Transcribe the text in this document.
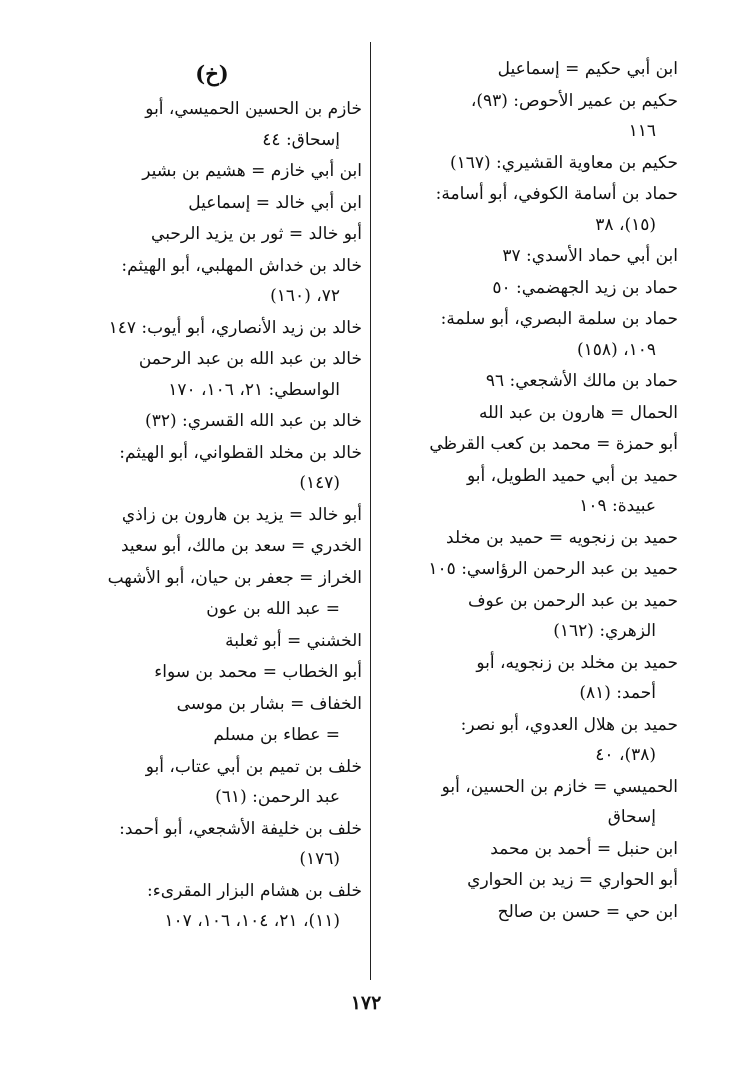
ابن أبي حكيم = إسماعيل
حكيم بن عمير الأحوص: (٩٣)،
١١٦
حكيم بن معاوية القشيري: (١٦٧)
حماد بن أسامة الكوفي، أبو أسامة:
(١٥)، ٣٨
ابن أبي حماد الأسدي: ٣٧
حماد بن زيد الجهضمي: ٥٠
حماد بن سلمة البصري، أبو سلمة:
١٠٩، (١٥٨)
حماد بن مالك الأشجعي: ٩٦
الحمال = هارون بن عبد الله
أبو حمزة = محمد بن كعب القرظي
حميد بن أبي حميد الطويل، أبو
عبيدة: ١٠٩
حميد بن زنجويه = حميد بن مخلد
حميد بن عبد الرحمن الرؤاسي: ١٠٥
حميد بن عبد الرحمن بن عوف
الزهري: (١٦٢)
حميد بن مخلد بن زنجويه، أبو
أحمد: (٨١)
حميد بن هلال العدوي، أبو نصر:
(٣٨)، ٤٠
الحميسي = خازم بن الحسين، أبو
إسحاق
ابن حنبل = أحمد بن محمد
أبو الحواري = زيد بن الحواري
ابن حي = حسن بن صالح
(خ)
خازم بن الحسين الحميسي، أبو
إسحاق: ٤٤
ابن أبي خازم = هشيم بن بشير
ابن أبي خالد = إسماعيل
أبو خالد = ثور بن يزيد الرحبي
خالد بن خداش المهلبي، أبو الهيثم:
٧٢، (١٦٠)
خالد بن زيد الأنصاري، أبو أيوب: ١٤٧
خالد بن عبد الله بن عبد الرحمن
الواسطي: ٢١، ١٠٦، ١٧٠
خالد بن عبد الله القسري: (٣٢)
خالد بن مخلد القطواني، أبو الهيثم:
(١٤٧)
أبو خالد = يزيد بن هارون بن زاذي
الخدري = سعد بن مالك، أبو سعيد
الخراز = جعفر بن حيان، أبو الأشهب
= عبد الله بن عون
الخشني = أبو ثعلبة
أبو الخطاب = محمد بن سواء
الخفاف = بشار بن موسى
= عطاء بن مسلم
خلف بن تميم بن أبي عتاب، أبو
عبد الرحمن: (٦١)
خلف بن خليفة الأشجعي، أبو أحمد:
(١٧٦)
خلف بن هشام البزار المقرىء:
(١١)، ٢١، ١٠٤، ١٠٦، ١٠٧
١٧٢
